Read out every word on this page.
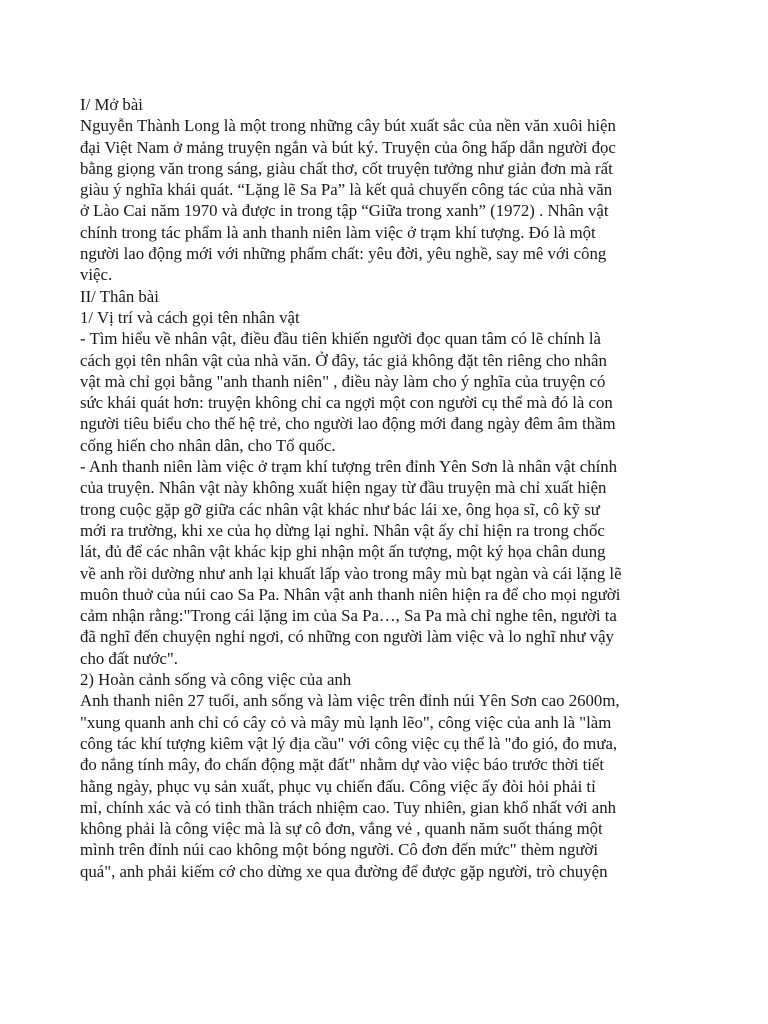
I/ Mở bài
Nguyễn Thành Long là một trong những cây bút xuất sắc của nền văn xuôi hiện
đại Việt Nam ở mảng truyện ngắn và bút ký. Truyện của ông hấp dẫn người đọc
bằng giọng văn trong sáng, giàu chất thơ, cốt truyện tưởng như giản đơn mà rất
giàu ý nghĩa khái quát. “Lặng lẽ Sa Pa” là kết quả chuyến công tác của nhà văn
ở Lào Cai năm 1970 và được in trong tập “Giữa trong xanh” (1972) . Nhân vật
chính trong tác phẩm là anh thanh niên làm việc ở trạm khí tượng. Đó là một
người lao động mới với những phẩm chất: yêu đời, yêu nghề, say mê với công
việc.
II/ Thân bài
1/ Vị trí và cách gọi tên nhân vật
- Tìm hiểu về nhân vật, điều đầu tiên khiến người đọc quan tâm có lẽ chính là
cách gọi tên nhân vật của nhà văn. Ở đây, tác giả không đặt tên riêng cho nhân
vật mà chỉ gọi bằng "anh thanh niên" , điều này làm cho ý nghĩa của truyện có
sức khái quát hơn: truyện không chỉ ca ngợi một con người cụ thể mà đó là con
người tiêu biểu cho thế hệ trẻ, cho người lao động mới đang ngày đêm âm thầm
cống hiến cho nhân dân, cho Tổ quốc.
- Anh thanh niên làm việc ở trạm khí tượng trên đỉnh Yên Sơn là nhân vật chính
của truyện. Nhân vật này không xuất hiện ngay từ đầu truyện mà chỉ xuất hiện
trong cuộc gặp gỡ giữa các nhân vật khác như bác lái xe, ông họa sĩ, cô kỹ sư
mới ra trường, khi xe của họ dừng lại nghỉ. Nhân vật ấy chỉ hiện ra trong chốc
lát, đủ để các nhân vật khác kịp ghi nhận một ấn tượng, một ký họa chân dung
về anh rồi dường như anh lại khuất lấp vào trong mây mù bạt ngàn và cái lặng lẽ
muôn thuở của núi cao Sa Pa. Nhân vật anh thanh niên hiện ra để cho mọi người
cảm nhận rằng:"Trong cái lặng im của Sa Pa…, Sa Pa mà chỉ nghe tên, người ta
đã nghĩ đến chuyện nghỉ ngơi, có những con người làm việc và lo nghĩ như vậy
cho đất nước".
2) Hoàn cảnh sống và công việc của anh
Anh thanh niên 27 tuổi, anh sống và làm việc trên đỉnh núi Yên Sơn cao 2600m,
"xung quanh anh chỉ có cây cỏ và mây mù lạnh lẽo", công việc của anh là "làm
công tác khí tượng kiêm vật lý địa cầu" với công việc cụ thể là "đo gió, đo mưa,
đo nắng tính mây, đo chấn động mặt đất" nhằm dự vào việc báo trước thời tiết
hằng ngày, phục vụ sản xuất, phục vụ chiến đấu. Công việc ấy đòi hỏi phải tỉ
mỉ, chính xác và có tinh thần trách nhiệm cao. Tuy nhiên, gian khổ nhất với anh
không phải là công việc mà là sự cô đơn, vắng vẻ , quanh năm suốt tháng một
mình trên đỉnh núi cao không một bóng người. Cô đơn đến mức" thèm người
quá", anh phải kiếm cớ cho dừng xe qua đường để được gặp người, trò chuyện
